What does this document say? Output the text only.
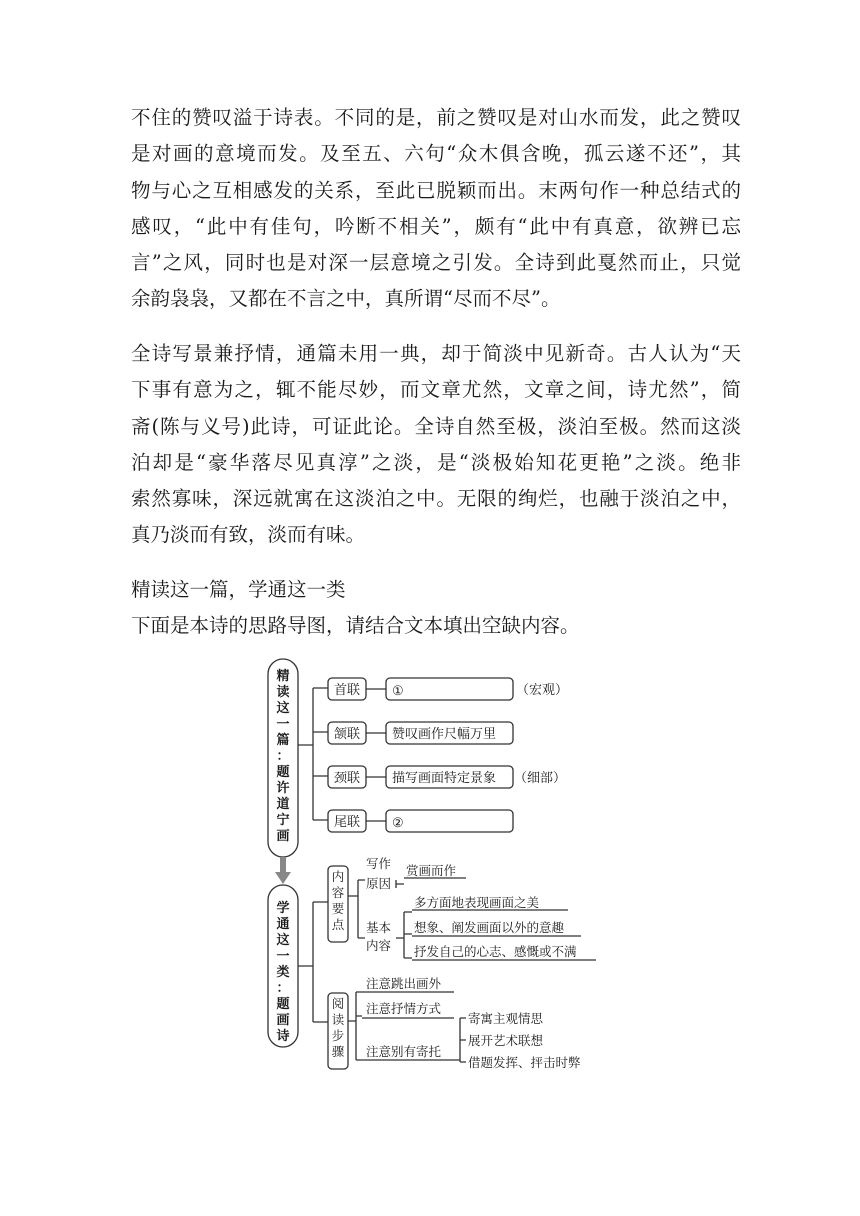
不住的赞叹溢于诗表。不同的是，前之赞叹是对山水而发，此之赞叹
是对画的意境而发。及至五、六句“众木俱含晚，孤云遂不还”，其
物与心之互相感发的关系，至此已脱颖而出。末两句作一种总结式的
感叹，“此中有佳句，吟断不相关”，颇有“此中有真意，欲辨已忘
言”之风，同时也是对深一层意境之引发。全诗到此戛然而止，只觉
余韵袅袅，又都在不言之中，真所谓“尽而不尽”。
全诗写景兼抒情，通篇未用一典，却于简淡中见新奇。古人认为“天
下事有意为之，辄不能尽妙，而文章尤然，文章之间，诗尤然”，简
斋(陈与义号)此诗，可证此论。全诗自然至极，淡泊至极。然而这淡
泊却是“豪华落尽见真淳”之淡，是“淡极始知花更艳”之淡。绝非
索然寡味，深远就寓在这淡泊之中。无限的绚烂，也融于淡泊之中，
真乃淡而有致，淡而有味。
精读这一篇，学通这一类
下面是本诗的思路导图，请结合文本填出空缺内容。
精
读
这
一
篇
：
题
许
道
宁
画
学
通
这
一
类
：
题
画
诗
首联
颔联
颈联
尾联
①
赞叹画作尺幅万里
描写画面特定景象
②
（宏观）
（细部）
内
容
要
点
阅
读
步
骤
写作
原因
赏画而作
基本
内容
多方面地表现画面之美
想象、阐发画面以外的意趣
抒发自己的心志、感慨或不满
注意跳出画外
注意抒情方式
注意别有寄托
寄寓主观情思
展开艺术联想
借题发挥、抨击时弊
